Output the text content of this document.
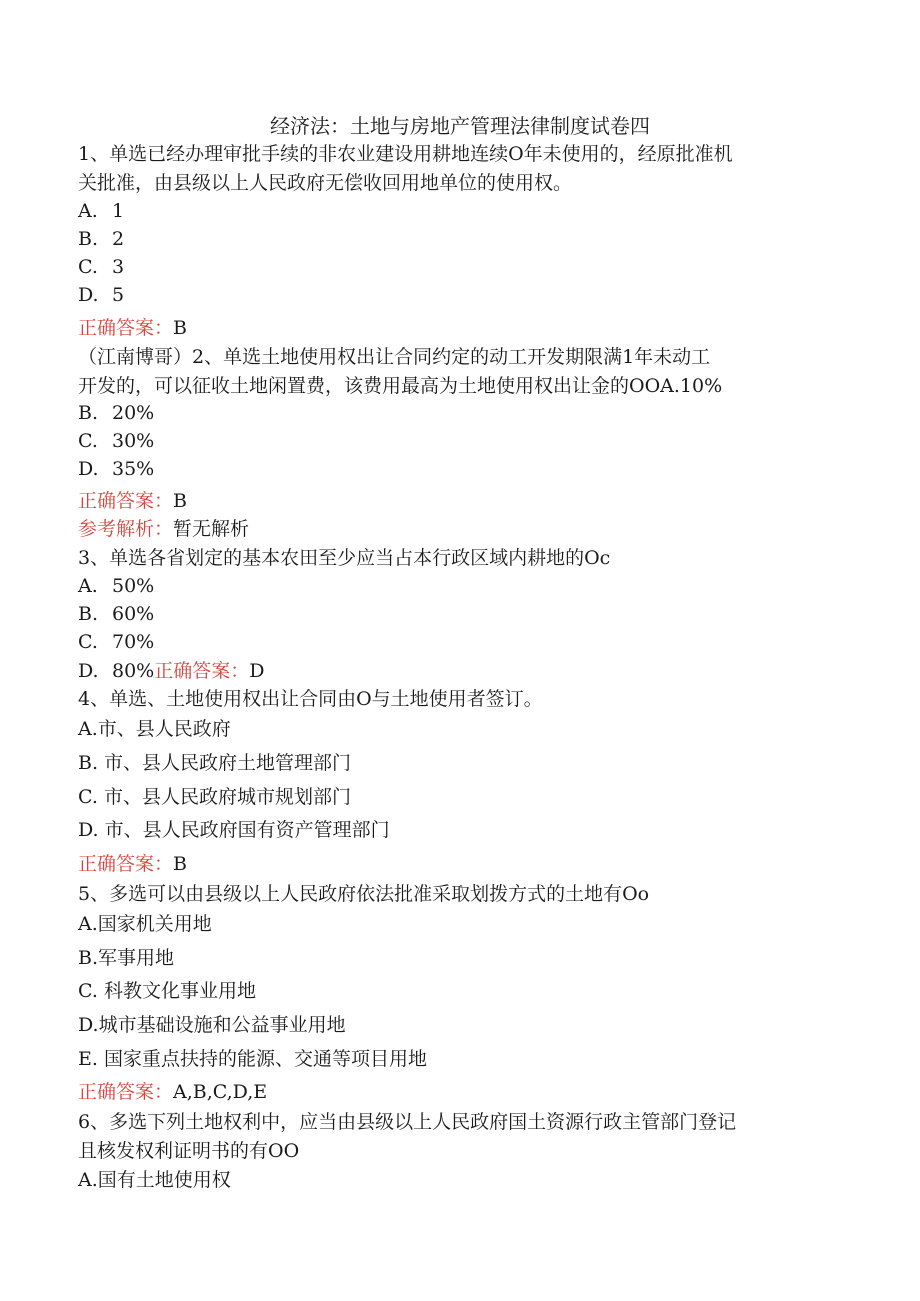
经济法：土地与房地产管理法律制度试卷四
1、单选已经办理审批手续的非农业建设用耕地连续O年未使用的，经原批准机
关批准，由县级以上人民政府无偿收回用地单位的使用权。
A. 1
B. 2
C. 3
D. 5
正确答案：B
（江南博哥）2、单选土地使用权出让合同约定的动工开发期限满1年未动工
开发的，可以征收土地闲置费，该费用最高为土地使用权出让金的OOA.10%
B. 20%
C. 30%
D. 35%
正确答案：B
参考解析：暂无解析
3、单选各省划定的基本农田至少应当占本行政区域内耕地的Oc
A. 50%
B. 60%
C. 70%
D. 80%正确答案：D
4、单选、土地使用权出让合同由O与土地使用者签订。
A.市、县人民政府
B. 市、县人民政府土地管理部门
C. 市、县人民政府城市规划部门
D. 市、县人民政府国有资产管理部门
正确答案：B
5、多选可以由县级以上人民政府依法批准采取划拨方式的土地有Oo
A.国家机关用地
B.军事用地
C. 科教文化事业用地
D.城市基础设施和公益事业用地
E. 国家重点扶持的能源、交通等项目用地
正确答案：A,B,C,D,E
6、多选下列土地权利中，应当由县级以上人民政府国土资源行政主管部门登记
且核发权利证明书的有OO
A.国有土地使用权
